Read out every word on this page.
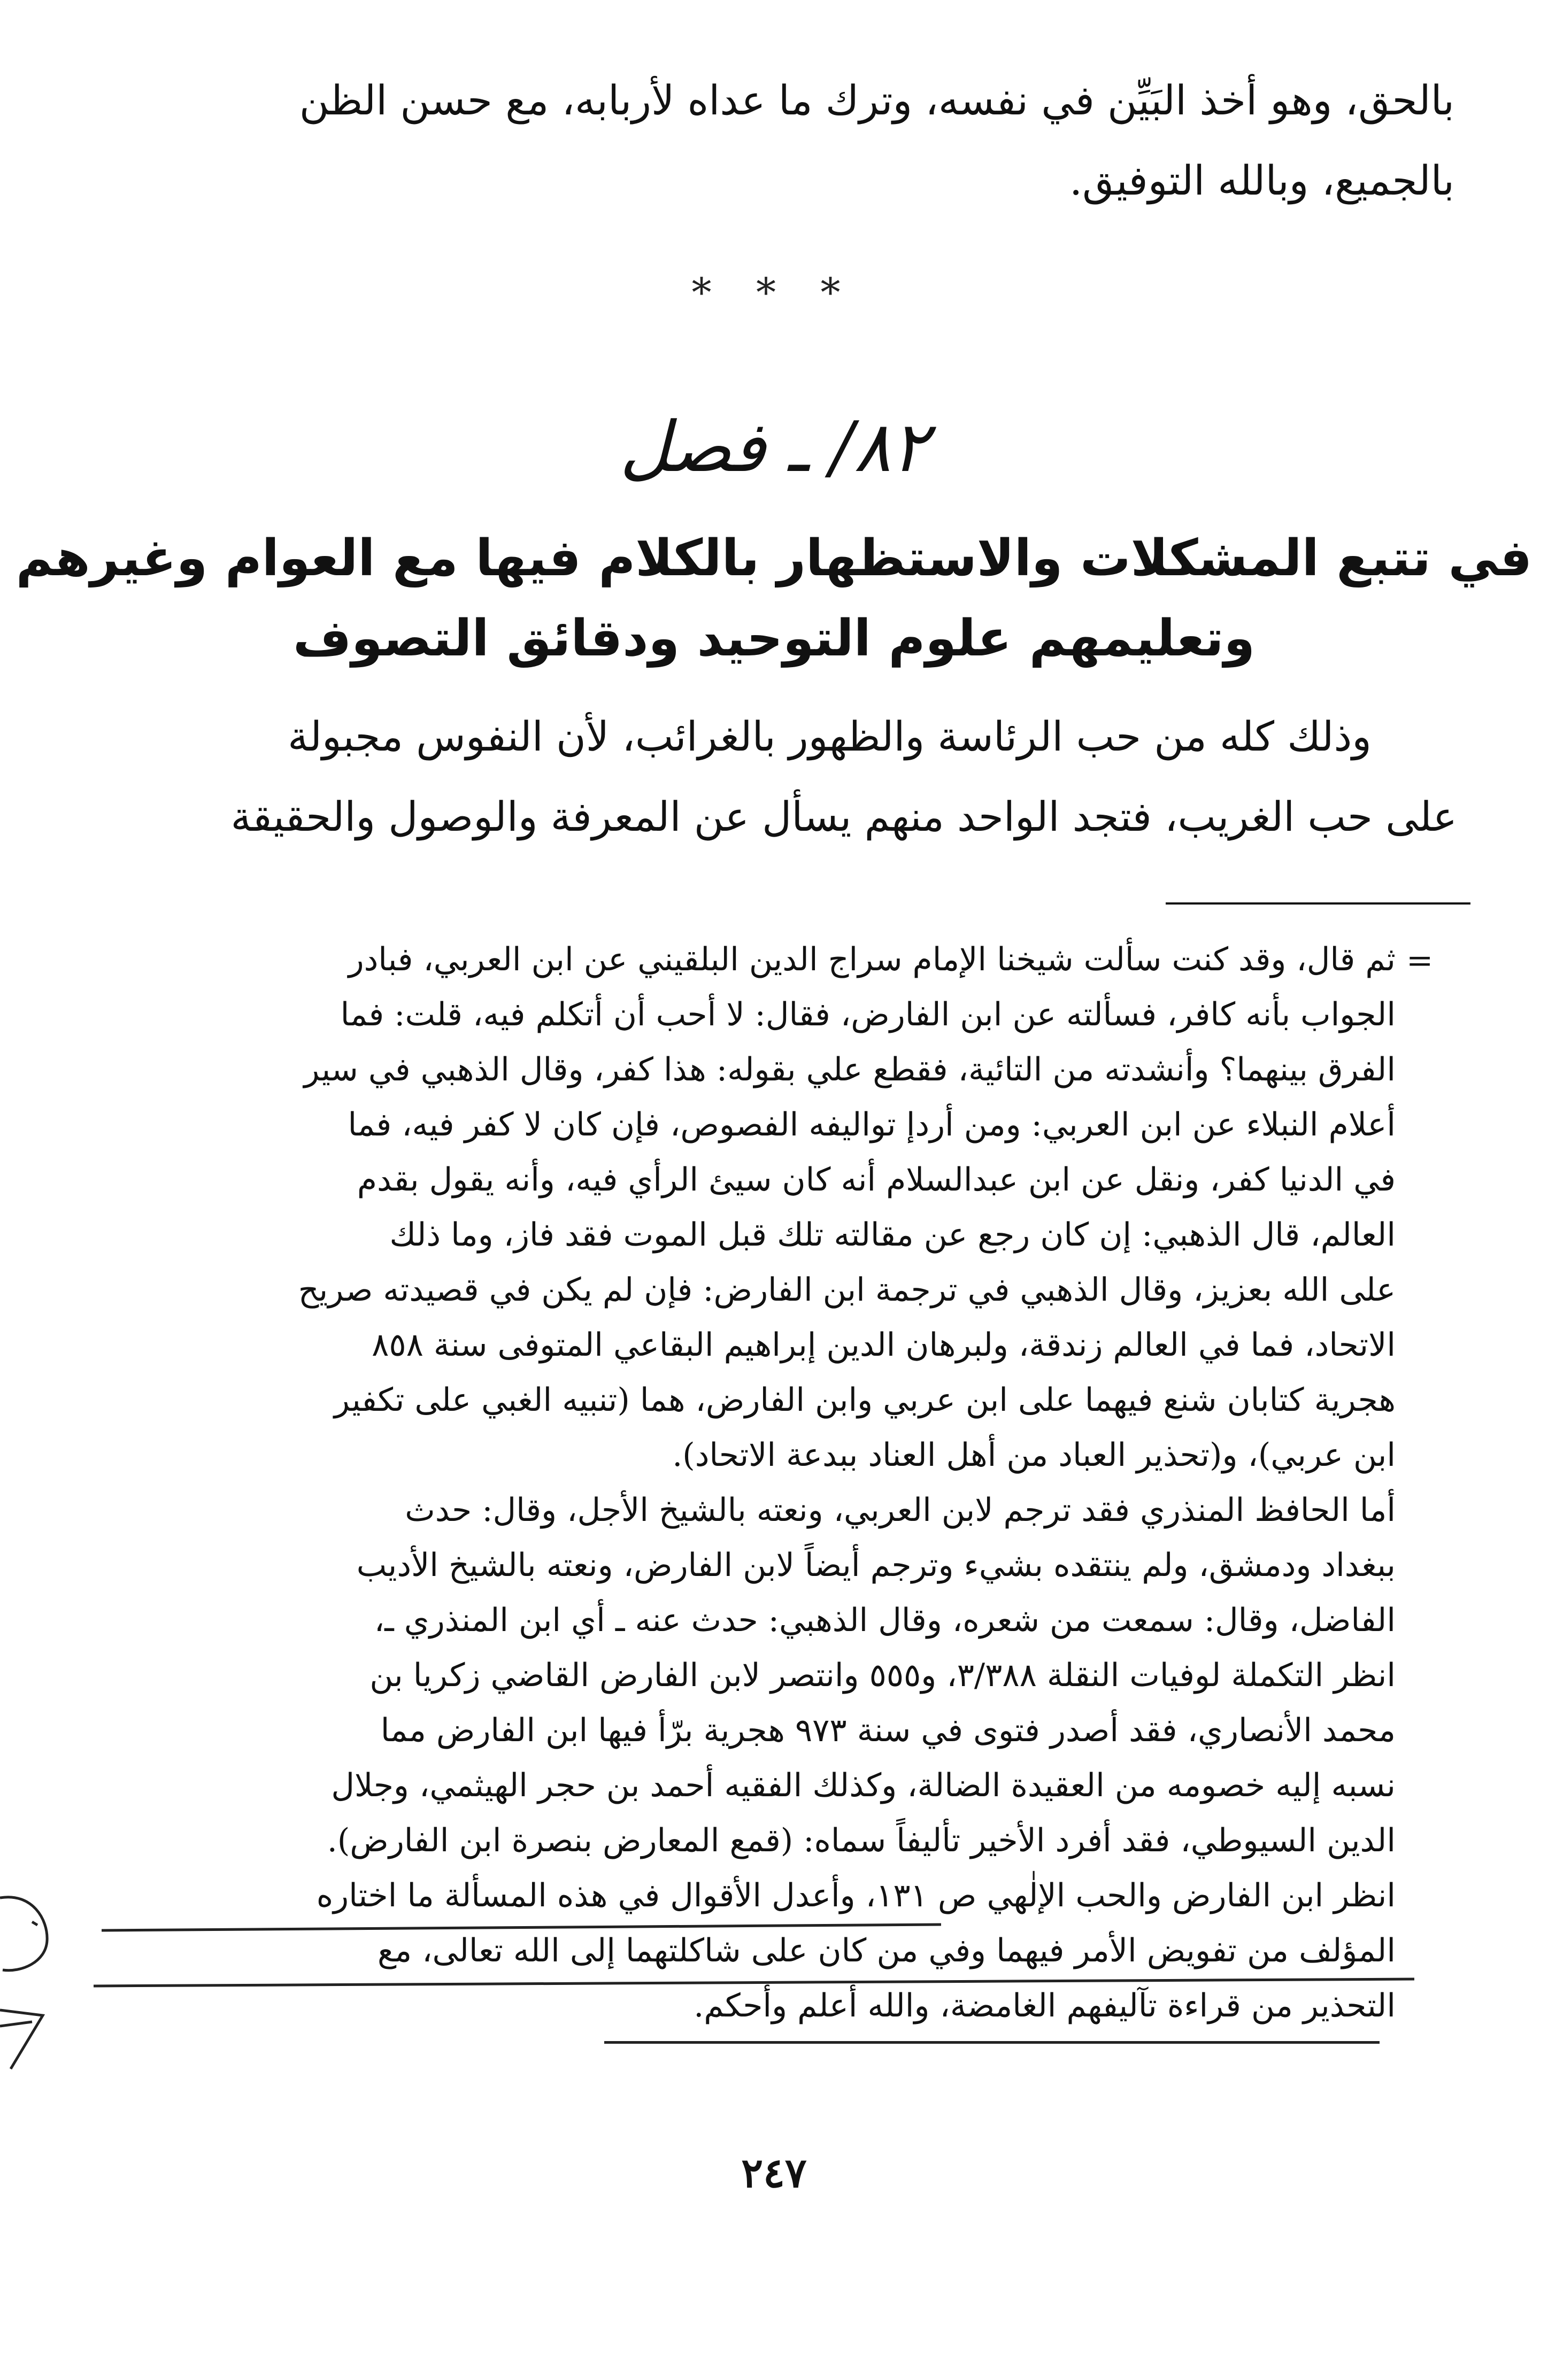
بالحق، وهو أخذ البَيِّن في نفسه، وترك ما عداه لأربابه، مع حسن الظن
بالجميع، وبالله التوفيق.
* * *
٨٢/ ـ فصل
في تتبع المشكلات والاستظهار بالكلام فيها مع العوام وغيرهم
وتعليمهم علوم التوحيد ودقائق التصوف
وذلك كله من حب الرئاسة والظهور بالغرائب، لأن النفوس مجبولة
على حب الغريب، فتجد الواحد منهم يسأل عن المعرفة والوصول والحقيقة
=
ثم قال، وقد كنت سألت شيخنا الإمام سراج الدين البلقيني عن ابن العربي، فبادر
الجواب بأنه كافر، فسألته عن ابن الفارض، فقال: لا أحب أن أتكلم فيه، قلت: فما
الفرق بينهما؟ وأنشدته من التائية، فقطع علي بقوله: هذا كفر، وقال الذهبي في سير
أعلام النبلاء عن ابن العربي: ومن أردإ تواليفه الفصوص، فإن كان لا كفر فيه، فما
في الدنيا كفر، ونقل عن ابن عبدالسلام أنه كان سيئ الرأي فيه، وأنه يقول بقدم
العالم، قال الذهبي: إن كان رجع عن مقالته تلك قبل الموت فقد فاز، وما ذلك
على الله بعزيز، وقال الذهبي في ترجمة ابن الفارض: فإن لم يكن في قصيدته صريح
الاتحاد، فما في العالم زندقة، ولبرهان الدين إبراهيم البقاعي المتوفى سنة ٨٥٨
هجرية كتابان شنع فيهما على ابن عربي وابن الفارض، هما (تنبيه الغبي على تكفير
ابن عربي)، و(تحذير العباد من أهل العناد ببدعة الاتحاد).
أما الحافظ المنذري فقد ترجم لابن العربي، ونعته بالشيخ الأجل، وقال: حدث
ببغداد ودمشق، ولم ينتقده بشيء وترجم أيضاً لابن الفارض، ونعته بالشيخ الأديب
الفاضل، وقال: سمعت من شعره، وقال الذهبي: حدث عنه ـ أي ابن المنذري ـ،
انظر التكملة لوفيات النقلة ٣/٣٨٨، و٥٥٥ وانتصر لابن الفارض القاضي زكريا بن
محمد الأنصاري، فقد أصدر فتوى في سنة ٩٧٣ هجرية برّأ فيها ابن الفارض مما
نسبه إليه خصومه من العقيدة الضالة، وكذلك الفقيه أحمد بن حجر الهيثمي، وجلال
الدين السيوطي، فقد أفرد الأخير تأليفاً سماه: (قمع المعارض بنصرة ابن الفارض).
انظر ابن الفارض والحب الإلٰهي ص ١٣١، وأعدل الأقوال في هذه المسألة ما اختاره
المؤلف من تفويض الأمر فيهما وفي من كان على شاكلتهما إلى الله تعالى، مع
التحذير من قراءة تآليفهم الغامضة، والله أعلم وأحكم.
٢٤٧
